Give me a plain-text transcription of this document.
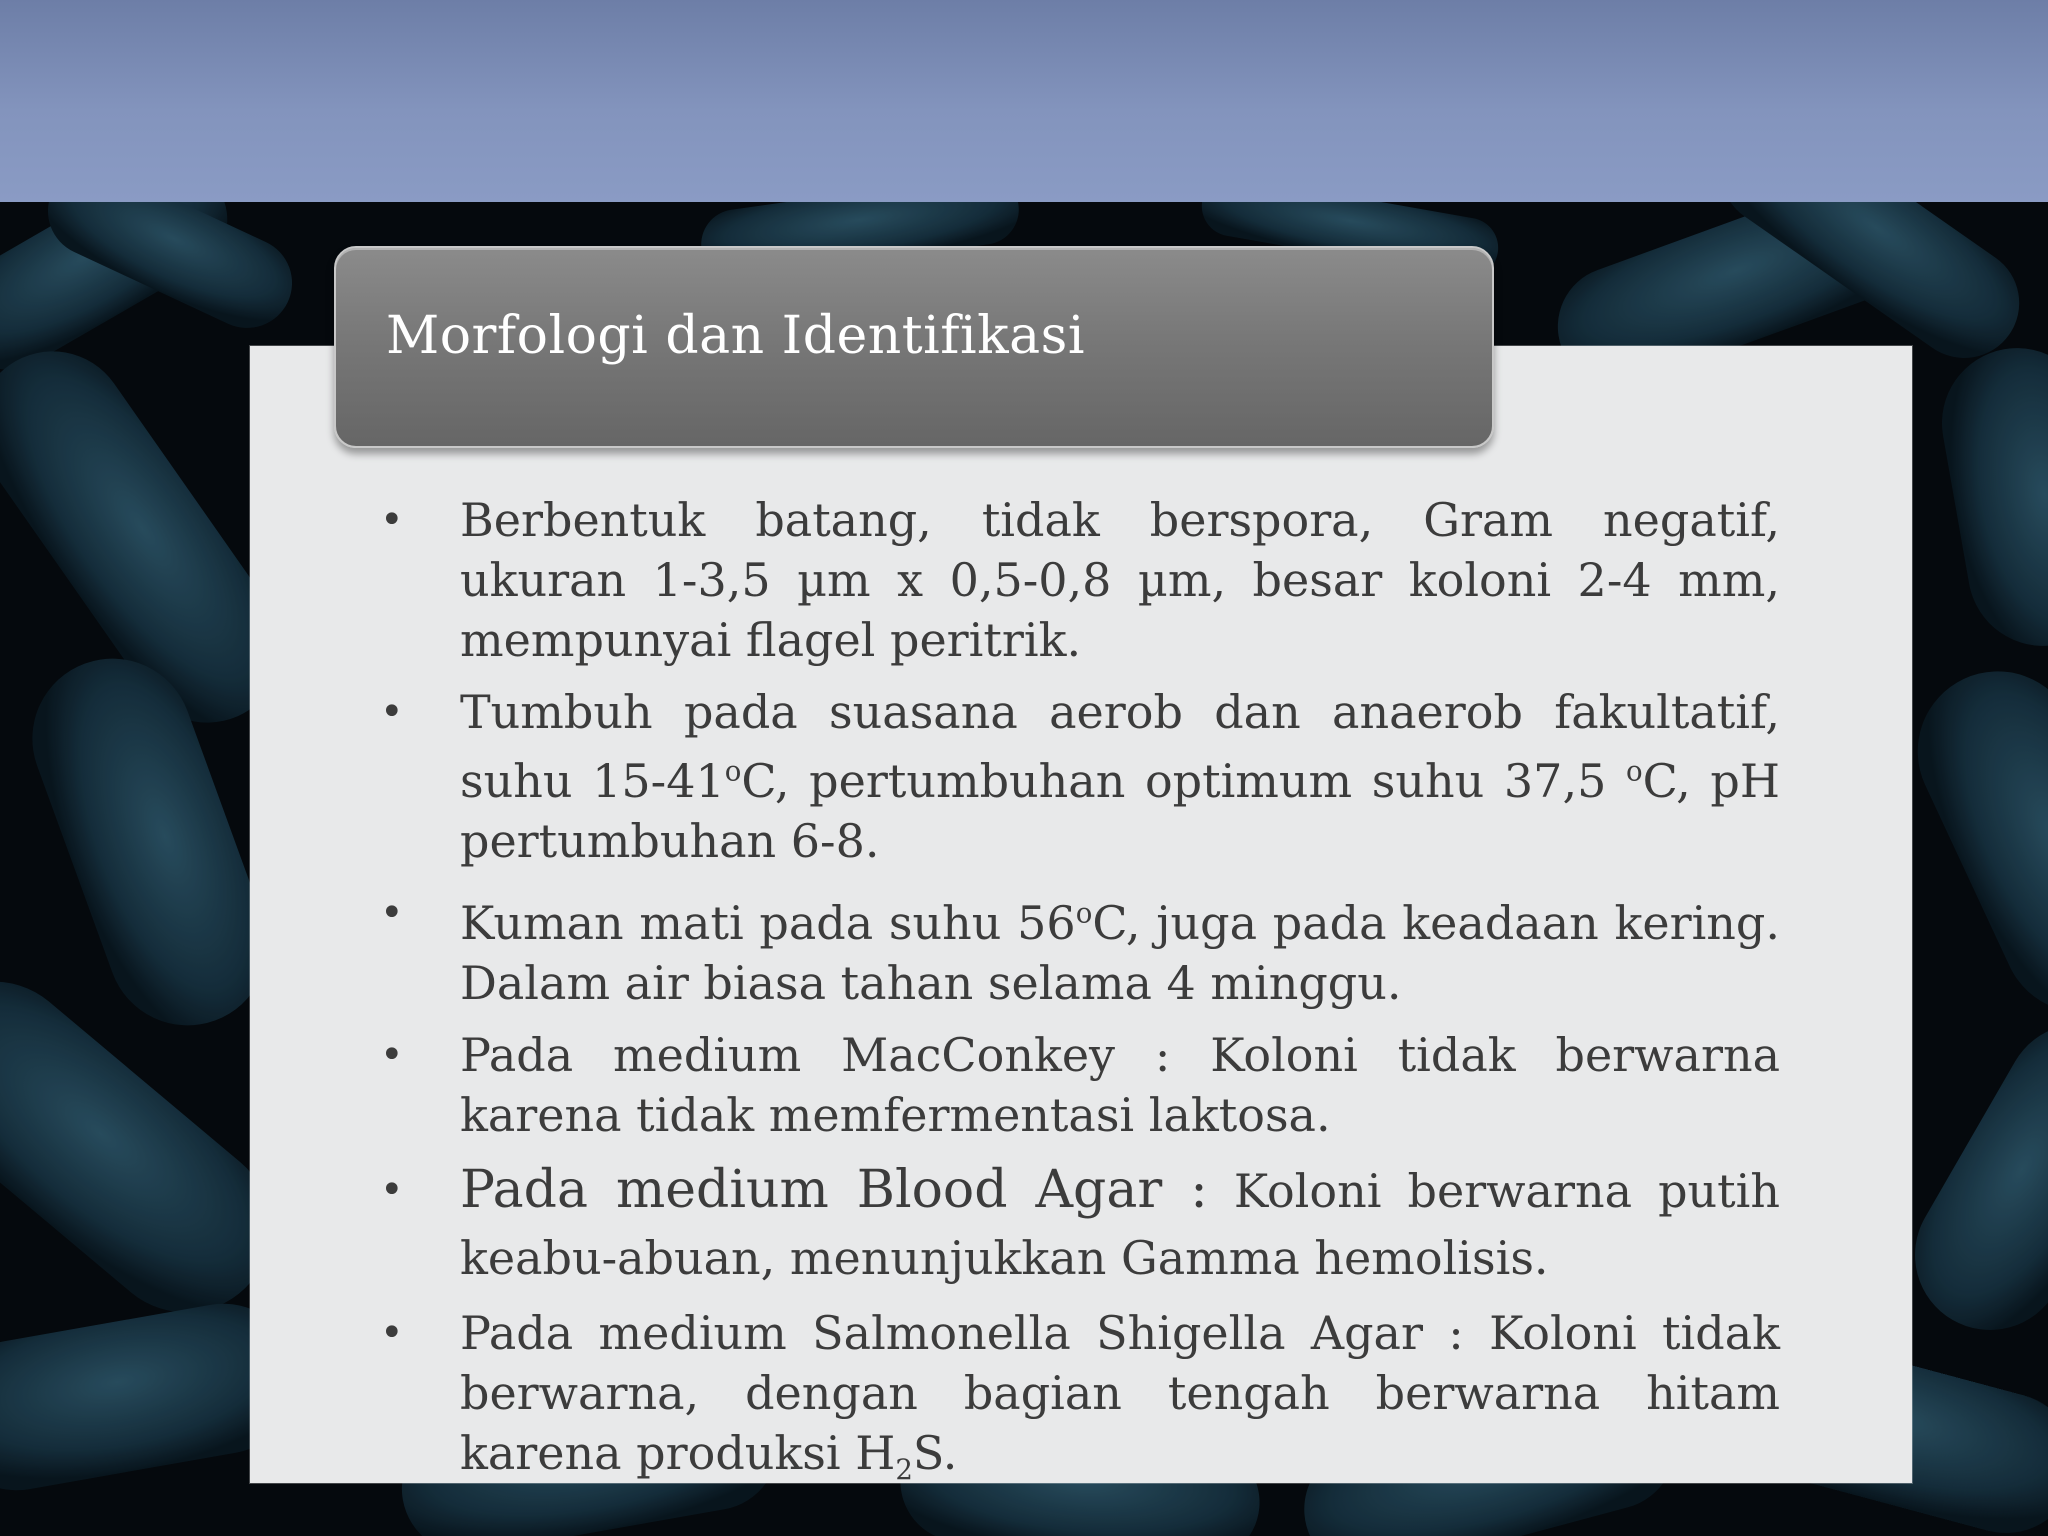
Morfologi dan Identifikasi
• Berbentuk batang, tidak berspora, Gram negatif, ukuran 1-3,5 µm x 0,5-0,8 µm, besar koloni 2-4 mm, mempunyai flagel peritrik.
• Tumbuh pada suasana aerob dan anaerob fakultatif, suhu 15-41$^o$C, pertumbuhan optimum suhu 37,5 $^o$C, pH pertumbuhan 6-8.
• Kuman mati pada suhu 56$^o$C, juga pada keadaan kering. Dalam air biasa tahan selama 4 minggu.
• Pada medium MacConkey : Koloni tidak berwarna karena tidak memfermentasi laktosa.
• Pada medium Blood Agar : Koloni berwarna putih keabu-abuan, menunjukkan Gamma hemolisis.
• Pada medium Salmonella Shigella Agar : Koloni tidak berwarna, dengan bagian tengah berwarna hitam karena produksi $H_2S$.
